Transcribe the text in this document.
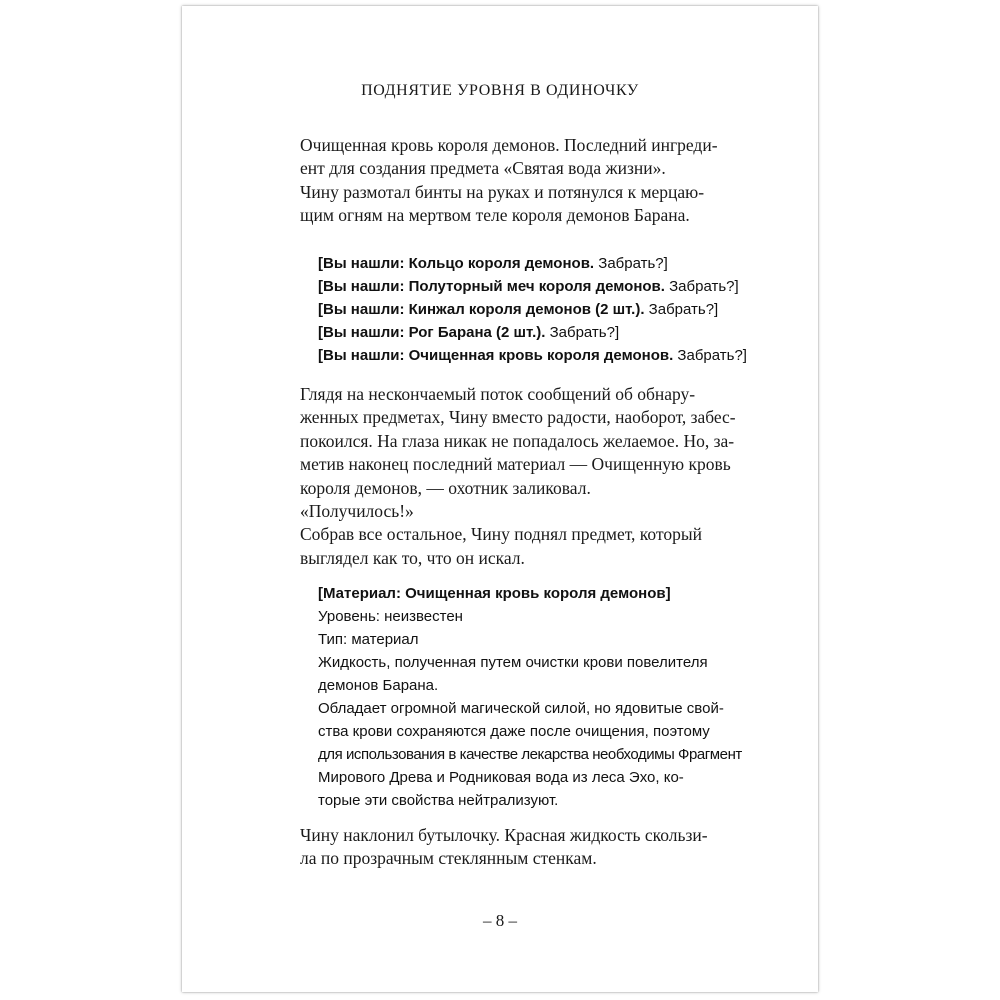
ПОДНЯТИЕ УРОВНЯ В ОДИНОЧКУ
Очищенная кровь короля демонов. Последний ингреди-
ент для создания предмета «Святая вода жизни».
Чину размотал бинты на руках и потянулся к мерцаю-
щим огням на мертвом теле короля демонов Барана.
[Вы нашли: Кольцо короля демонов. Забрать?]
[Вы нашли: Полуторный меч короля демонов. Забрать?]
[Вы нашли: Кинжал короля демонов (2 шт.). Забрать?]
[Вы нашли: Рог Барана (2 шт.). Забрать?]
[Вы нашли: Очищенная кровь короля демонов. Забрать?]
Глядя на нескончаемый поток сообщений об обнару-
женных предметах, Чину вместо радости, наоборот, забес-
покоился. На глаза никак не попадалось желаемое. Но, за-
метив наконец последний материал — Очищенную кровь
короля демонов, — охотник заликовал.
«Получилось!»
Собрав все остальное, Чину поднял предмет, который
выглядел как то, что он искал.
[Материал: Очищенная кровь короля демонов]
Уровень: неизвестен
Тип: материал
Жидкость, полученная путем очистки крови повелителя
демонов Барана.
Обладает огромной магической силой, но ядовитые свой-
ства крови сохраняются даже после очищения, поэтому
для использования в качестве лекарства необходимы Фрагмент
Мирового Древа и Родниковая вода из леса Эхо, ко-
торые эти свойства нейтрализуют.
Чину наклонил бутылочку. Красная жидкость скользи-
ла по прозрачным стеклянным стенкам.
– 8 –
